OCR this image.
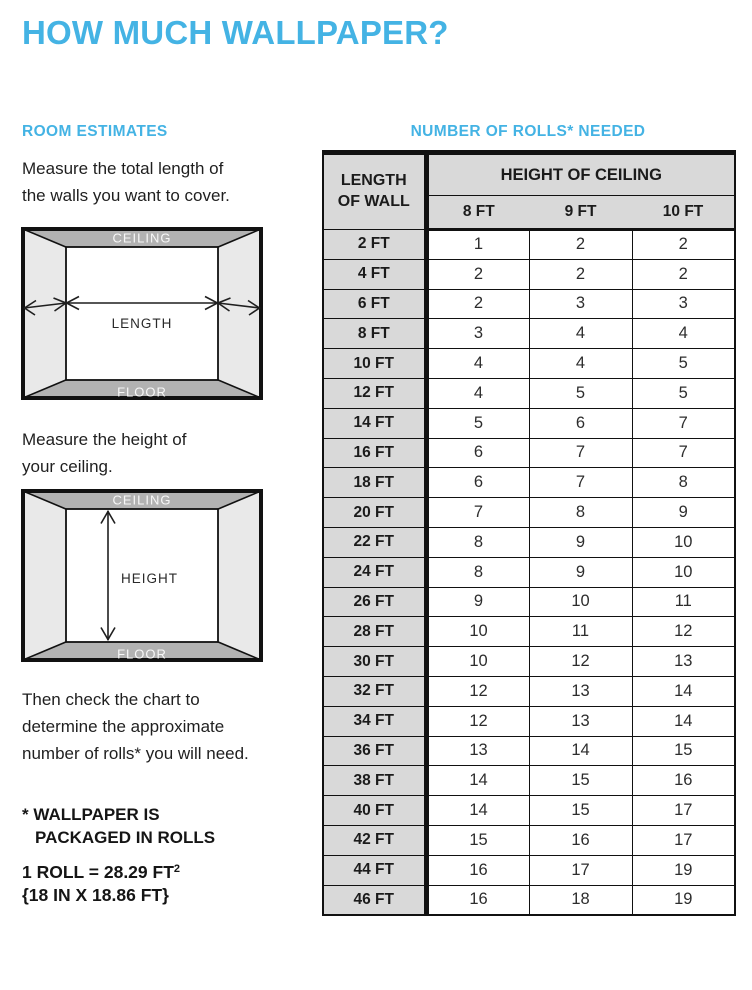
HOW MUCH WALLPAPER?
ROOM ESTIMATES
Measure the total length of
the walls you want to cover.
CEILING
FLOOR
LENGTH
Measure the height of
your ceiling.
CEILING
FLOOR
HEIGHT
Then check the chart to
determine the approximate
number of rolls* you will need.
* WALLPAPER IS
PACKAGED IN ROLLS
1 ROLL = 28.29 $FT^2$
{18 IN X 18.86 FT}
NUMBER OF ROLLS* NEEDED
LENGTH OF WALL	HEIGHT OF CEILING		
	8 FT	9 FT	10 FT
2 FT	1	2	2
4 FT	2	2	2
6 FT	2	3	3
8 FT	3	4	4
10 FT	4	4	5
12 FT	4	5	5
14 FT	5	6	7
16 FT	6	7	7
18 FT	6	7	8
20 FT	7	8	9
22 FT	8	9	10
24 FT	8	9	10
26 FT	9	10	11
28 FT	10	11	12
30 FT	10	12	13
32 FT	12	13	14
34 FT	12	13	14
36 FT	13	14	15
38 FT	14	15	16
40 FT	14	15	17
42 FT	15	16	17
44 FT	16	17	19
46 FT	16	18	19
